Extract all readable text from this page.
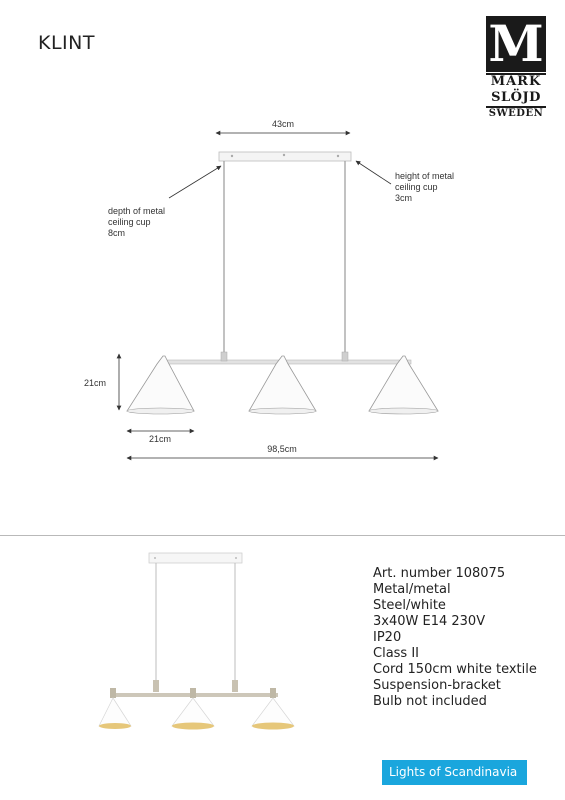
KLINT	M
MARK
SLÖJD
SWEDEN
43cm
depth of metal
ceiling cup
8cm
height of metal
ceiling cup
3cm
21cm
21cm
98,5cm
Art. number 108075
Metal/metal
Steel/white
3x40W E14 230V
IP20
Class II
Cord 150cm white textile
Suspension-bracket
Bulb not included
Lights of Scandinavia
